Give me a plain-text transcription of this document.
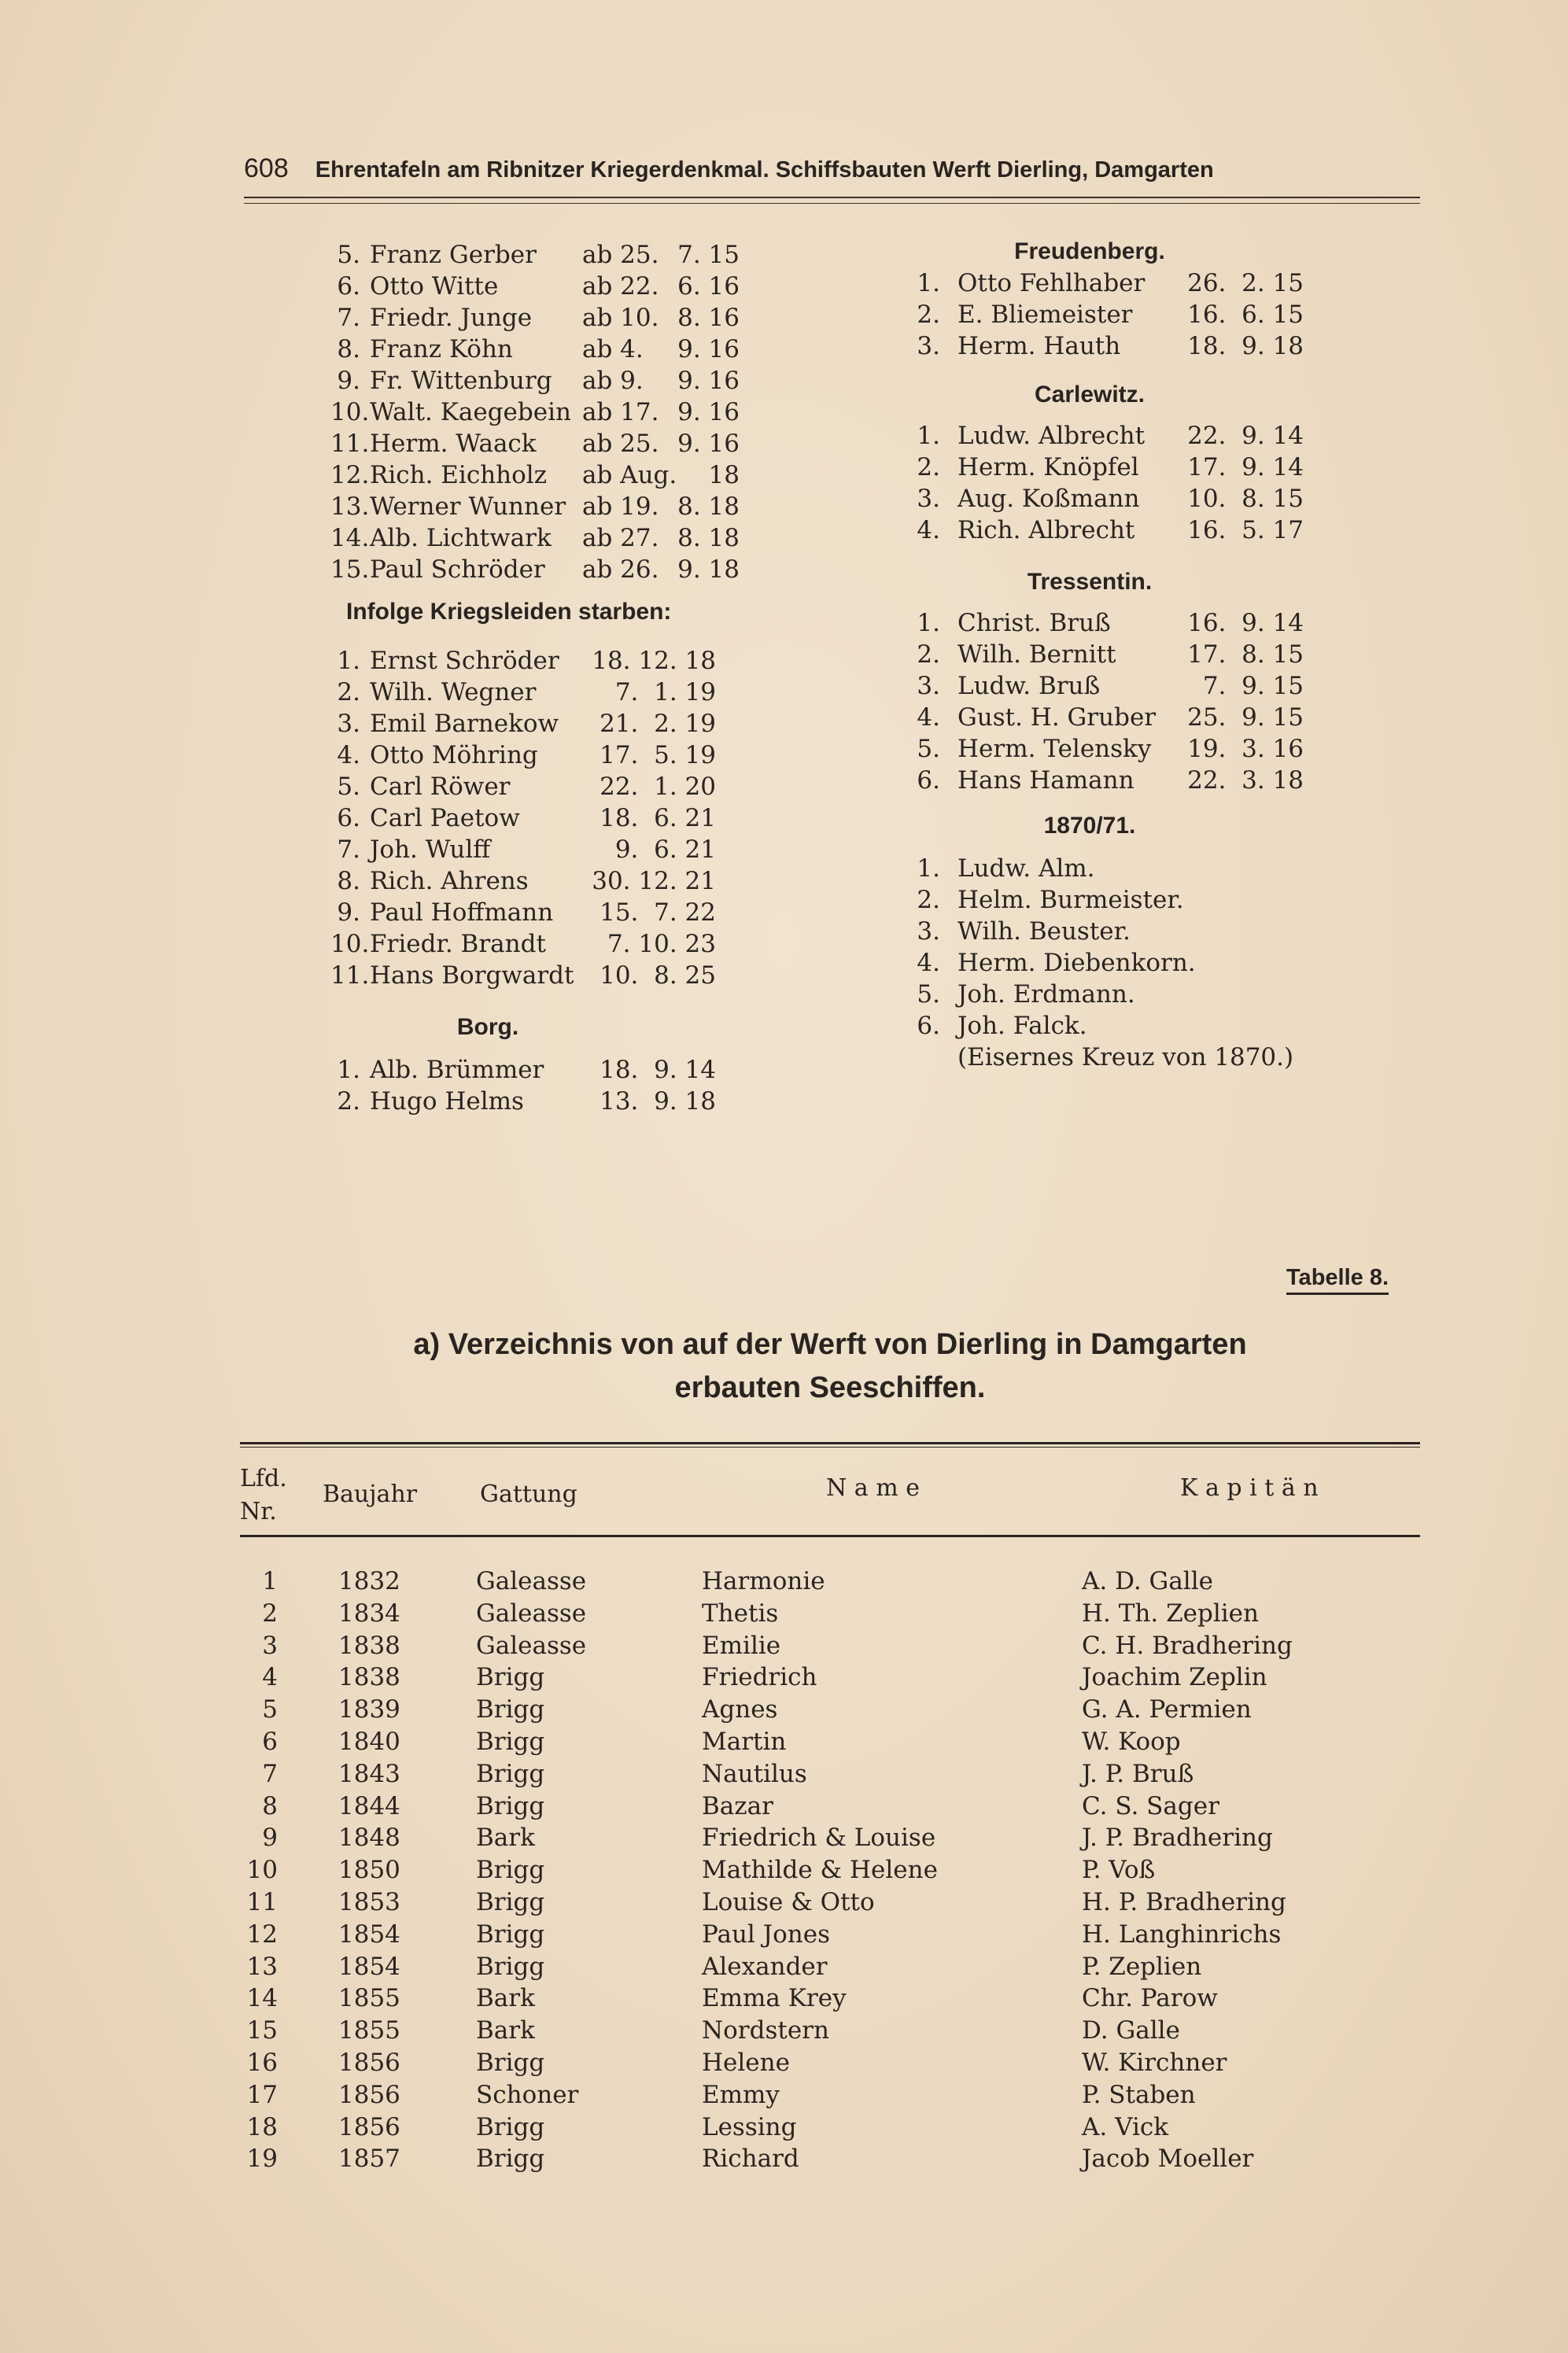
608 Ehrentafeln am Ribnitzer Kriegerdenkmal. Schiffsbauten Werft Dierling, Damgarten
5. Franz Gerber	ab 25. 7. 15
6. Otto Witte	ab 22. 6. 16
7. Friedr. Junge	ab 10. 8. 16
8. Franz Köhn	ab 4.	9. 16
9. Fr. Wittenburg	ab 9.	9. 16
10. Walt. Kaegebein ab 17. 9. 16
11. Herm. Waack	ab 25. 9. 16
12. Rich. Eichholz	ab Aug.	18
13. Werner Wunner ab 19. 8. 18
14. Alb. Lichtwark	ab 27. 8. 18
15. Paul Schröder	ab 26. 9. 18
Infolge Kriegsleiden starben:
1. Ernst Schröder	18. 12. 18
2. Wilh. Wegner	7.  1. 19
3. Emil Barnekow	21.  2. 19
4. Otto Möhring	17.  5. 19
5. Carl Röwer	22.  1. 20
6. Carl Paetow	18.  6. 21
7. Joh. Wulff	9.  6. 21
8. Rich. Ahrens	30. 12. 21
9. Paul Hoffmann	15.  7. 22
10. Friedr. Brandt	7. 10. 23
11. Hans Borgwardt	10.  8. 25
Borg.
1. Alb. Brümmer	18.  9. 14
2. Hugo Helms	13.  9. 18
Freudenberg.
1. Otto Fehlhaber	26.  2. 15
2. E. Bliemeister	16.  6. 15
3. Herm. Hauth	18.  9. 18
Carlewitz.
1. Ludw. Albrecht	22.  9. 14
2. Herm. Knöpfel	17.  9. 14
3. Aug. Koßmann	10.  8. 15
4. Rich. Albrecht	16.  5. 17
Tressentin.
1. Christ. Bruß	16.  9. 14
2. Wilh. Bernitt	17.  8. 15
3. Ludw. Bruß	7.  9. 15
4. Gust. H. Gruber	25.  9. 15
5. Herm. Telensky	19.  3. 16
6. Hans Hamann	22.  3. 18
1870/71.
1. Ludw. Alm.
2. Helm. Burmeister.
3. Wilh. Beuster.
4. Herm. Diebenkorn.
5. Joh. Erdmann.
6. Joh. Falck.
(Eisernes Kreuz von 1870.)
Tabelle 8.
a) Verzeichnis von auf der Werft von Dierling in Damgarten
erbauten Seeschiffen.
Lfd.
Nr.
Baujahr	Gattung	N a m e	K a p i t ä n
1 1832	Galeasse	Harmonie	A. D. Galle
2 1834	Galeasse	Thetis	H. Th. Zeplien
3 1838	Galeasse	Emilie	C. H. Bradhering
4 1838	Brigg	Friedrich	Joachim Zeplin
5 1839	Brigg	Agnes	G. A. Permien
6 1840	Brigg	Martin	W. Koop
7 1843	Brigg	Nautilus	J. P. Bruß
8 1844	Brigg	Bazar	C. S. Sager
9 1848	Bark	Friedrich & Louise	J. P. Bradhering
10 1850	Brigg	Mathilde & Helene	P. Voß
11 1853	Brigg	Louise & Otto	H. P. Bradhering
12 1854	Brigg	Paul Jones	H. Langhinrichs
13 1854	Brigg	Alexander	P. Zeplien
14 1855	Bark	Emma Krey	Chr. Parow
15 1855	Bark	Nordstern	D. Galle
16 1856	Brigg	Helene	W. Kirchner
17 1856	Schoner	Emmy	P. Staben
18 1856	Brigg	Lessing	A. Vick
19 1857	Brigg	Richard	Jacob Moeller
